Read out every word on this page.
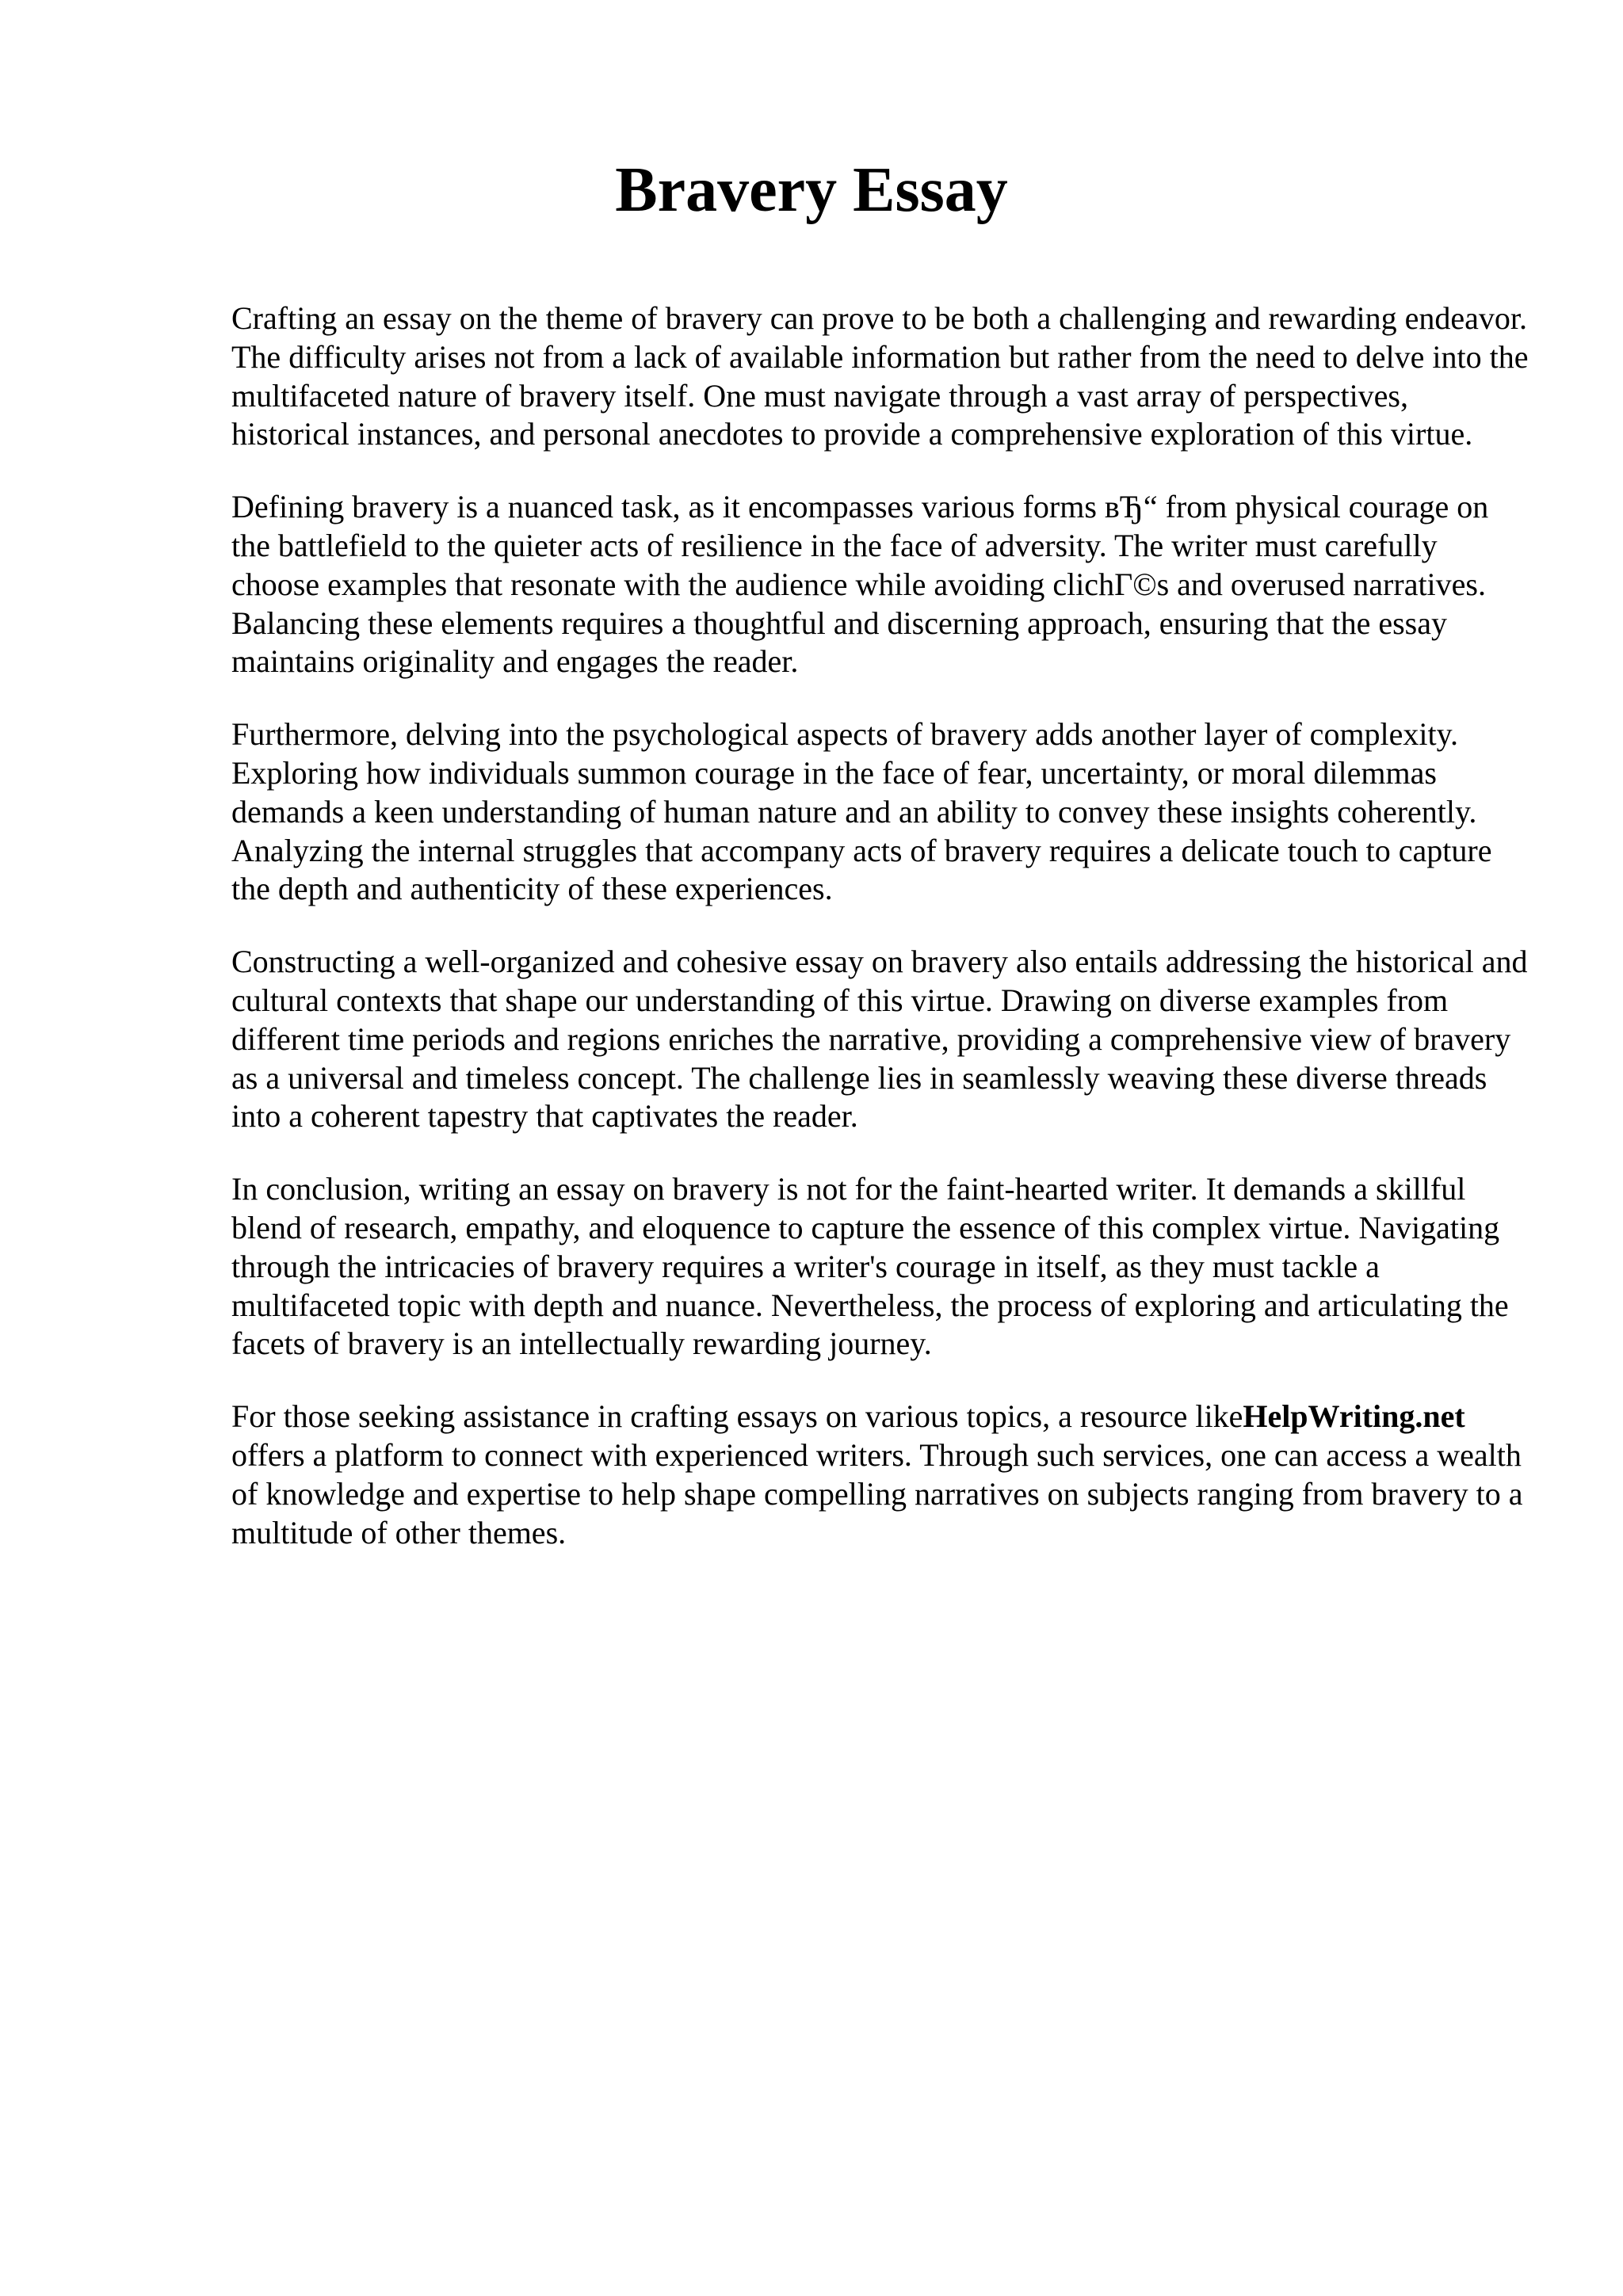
Bravery Essay

Crafting an essay on the theme of bravery can prove to be both a challenging and rewarding endeavor. The difficulty arises not from a lack of available information but rather from the need to delve into the multifaceted nature of bravery itself. One must navigate through a vast array of perspectives, historical instances, and personal anecdotes to provide a comprehensive exploration of this virtue.

Defining bravery is a nuanced task, as it encompasses various forms вЂ“ from physical courage on the battlefield to the quieter acts of resilience in the face of adversity. The writer must carefully choose examples that resonate with the audience while avoiding clichГ©s and overused narratives. Balancing these elements requires a thoughtful and discerning approach, ensuring that the essay maintains originality and engages the reader.

Furthermore, delving into the psychological aspects of bravery adds another layer of complexity. Exploring how individuals summon courage in the face of fear, uncertainty, or moral dilemmas demands a keen understanding of human nature and an ability to convey these insights coherently. Analyzing the internal struggles that accompany acts of bravery requires a delicate touch to capture the depth and authenticity of these experiences.

Constructing a well-organized and cohesive essay on bravery also entails addressing the historical and cultural contexts that shape our understanding of this virtue. Drawing on diverse examples from different time periods and regions enriches the narrative, providing a comprehensive view of bravery as a universal and timeless concept. The challenge lies in seamlessly weaving these diverse threads into a coherent tapestry that captivates the reader.

In conclusion, writing an essay on bravery is not for the faint-hearted writer. It demands a skillful blend of research, empathy, and eloquence to capture the essence of this complex virtue. Navigating through the intricacies of bravery requires a writer's courage in itself, as they must tackle a multifaceted topic with depth and nuance. Nevertheless, the process of exploring and articulating the facets of bravery is an intellectually rewarding journey.

For those seeking assistance in crafting essays on various topics, a resource likeHelpWriting.net offers a platform to connect with experienced writers. Through such services, one can access a wealth of knowledge and expertise to help shape compelling narratives on subjects ranging from bravery to a multitude of other themes.
